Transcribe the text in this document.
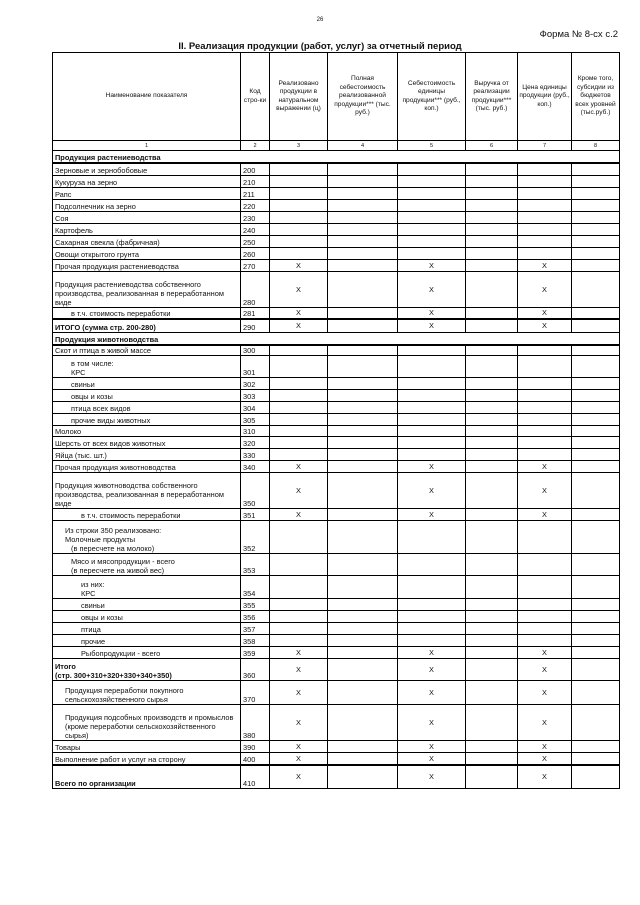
26
Форма № 8-сх с.2
II. Реализация продукции (работ, услуг) за отчетный период
Наименование показателя	Код стро-ки	Реализовано продукции в натуральном выражении (ц)	Полная себестоимость реализованной продукции*** (тыс. руб.)	Себестоимость единицы продукции*** (руб., коп.)	Выручка от реализации продукции*** (тыс. руб.)	Цена единицы продукции (руб., коп.)	Кроме того, субсидии из бюджетов всех уровней (тыс.руб.)
1	2	3	4	5	6	7	8
Продукция растениеводства							

Зерновые и зернобобовые	200						

Кукуруза на зерно	210						

Рапс	211						

Подсолнечник на зерно	220						

Соя	230						

Картофель	240						

Сахарная свекла (фабричная)	250						

Овощи открытого грунта	260						

Прочая продукция растениеводства	270	X		X		X	

Продукция растениеводства собственного производства, реализованная в переработанном виде	280	X		X		X	

в т.ч. стоимость переработки	281	X		X		X	

ИТОГО (сумма стр. 200-280)	290	X		X		X	
Продукция животноводства							

Скот и птица в живой массе	300						

в том числе:
КРС	301						

свиньи	302						

овцы и козы	303						

птица всех видов	304						

прочие виды животных	305						

Молоко	310						

Шерсть от всех видов животных	320						

Яйца (тыс. шт.)	330						

Прочая продукция животноводства	340	X		X		X	

Продукция животноводства собственного производства, реализованная в переработанном виде	350	X		X		X	

в т.ч. стоимость переработки	351	X		X		X	

Из строки 350 реализовано:
Молочные продукты
(в пересчете на молоко)	352						

Мясо и мясопродукции - всего
(в пересчете на живой вес)	353						

из них:
КРС	354						

свиньи	355						

овцы и козы	356						

птица	357						

прочие	358						

Рыбопродукции - всего	359	X		X		X	

Итого
(стр. 300+310+320+330+340+350)	360	X		X		X	

Продукция переработки покупного сельскохозяйственного сырья	370	X		X		X	

Продукция подсобных производств и промыслов (кроме переработки сельскохозяйственного сырья)	380	X		X		X	

Товары	390	X		X		X	

Выполнение работ и услуг на сторону	400	X		X		X	

Всего по организации	410	X		X		X	
